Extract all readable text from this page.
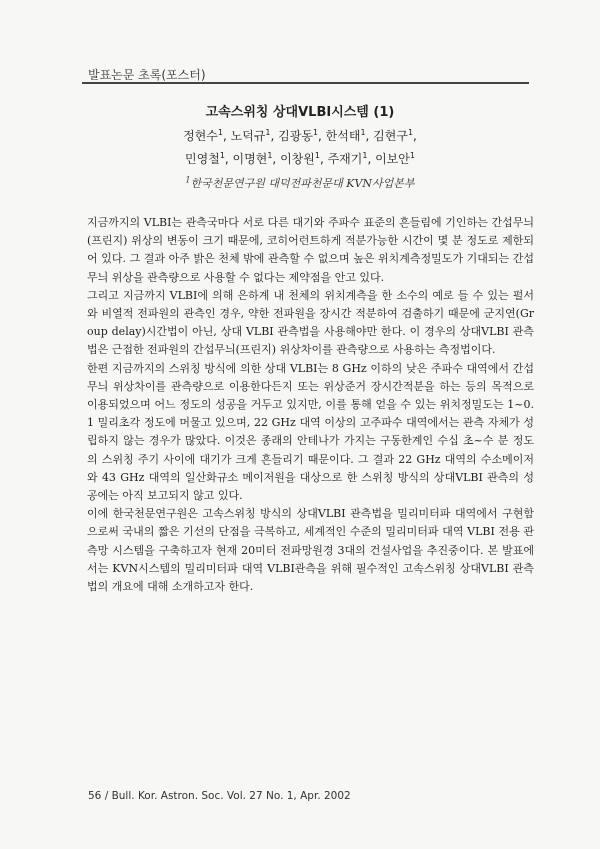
발표논문 초록(포스터)
고속스위칭 상대VLBI시스템 (1)
정현수$^1$, 노덕규$^1$, 김광동$^1$, 한석태$^1$, 김현구$^1$,
민영철$^1$, 이명현$^1$, 이창원$^1$, 주재기$^1$, 이보안$^1$
$^1$한국천문연구원 대덕전파천문대 KVN사업본부

지금까지의 VLBI는 관측국마다 서로 다른 대기와 주파수 표준의 흔들림에 기인하는 간섭무늬(프린지) 위상의 변동이 크기 때문에, 코히어런트하게 적분가능한 시간이 몇 분 정도로 제한되어 있다. 그 결과 아주 밝은 천체 밖에 관측할 수 없으며 높은 위치계측정밀도가 기대되는 간섭무늬 위상을 관측량으로 사용할 수 없다는 제약점을 안고 있다.

그리고 지금까지 VLBI에 의해 은하계 내 천체의 위치계측을 한 소수의 예로 들 수 있는 펄서와 비열적 전파원의 관측인 경우, 약한 전파원을 장시간 적분하여 검출하기 때문에 군지연(Group delay)시간법이 아닌, 상대 VLBI 관측법을 사용해야만 한다. 이 경우의 상대VLBI 관측법은 근접한 전파원의 간섭무늬(프린지) 위상차이를 관측량으로 사용하는 측정법이다.

한편 지금까지의 스위칭 방식에 의한 상대 VLBI는 8 GHz 이하의 낮은 주파수 대역에서 간섭무늬 위상차이를 관측량으로 이용한다든지 또는 위상준거 장시간적분을 하는 등의 목적으로 이용되었으며 어느 정도의 성공을 거두고 있지만, 이를 통해 얻을 수 있는 위치정밀도는 1~0.1 밀리초각 정도에 머물고 있으며, 22 GHz 대역 이상의 고주파수 대역에서는 관측 자체가 성립하지 않는 경우가 많았다. 이것은 종래의 안테나가 가지는 구동한계인 수십 초~수 분 정도의 스위칭 주기 사이에 대기가 크게 흔들리기 때문이다. 그 결과 22 GHz 대역의 수소메이저와 43 GHz 대역의 일산화규소 메이저원을 대상으로 한 스위칭 방식의 상대VLBI 관측의 성공에는 아직 보고되지 않고 있다.

이에 한국천문연구원은 고속스위칭 방식의 상대VLBI 관측법을 밀리미터파 대역에서 구현함으로써 국내의 짧은 기선의 단점을 극복하고, 세계적인 수준의 밀리미터파 대역 VLBI 전용 관측망 시스템을 구축하고자 현재 20미터 전파망원경 3대의 건설사업을 추진중이다. 본 발표에서는 KVN시스템의 밀리미터파 대역 VLBI관측을 위해 필수적인 고속스위칭 상대VLBI 관측법의 개요에 대해 소개하고자 한다.

56 / Bull. Kor. Astron. Soc. Vol. 27 No. 1, Apr. 2002
